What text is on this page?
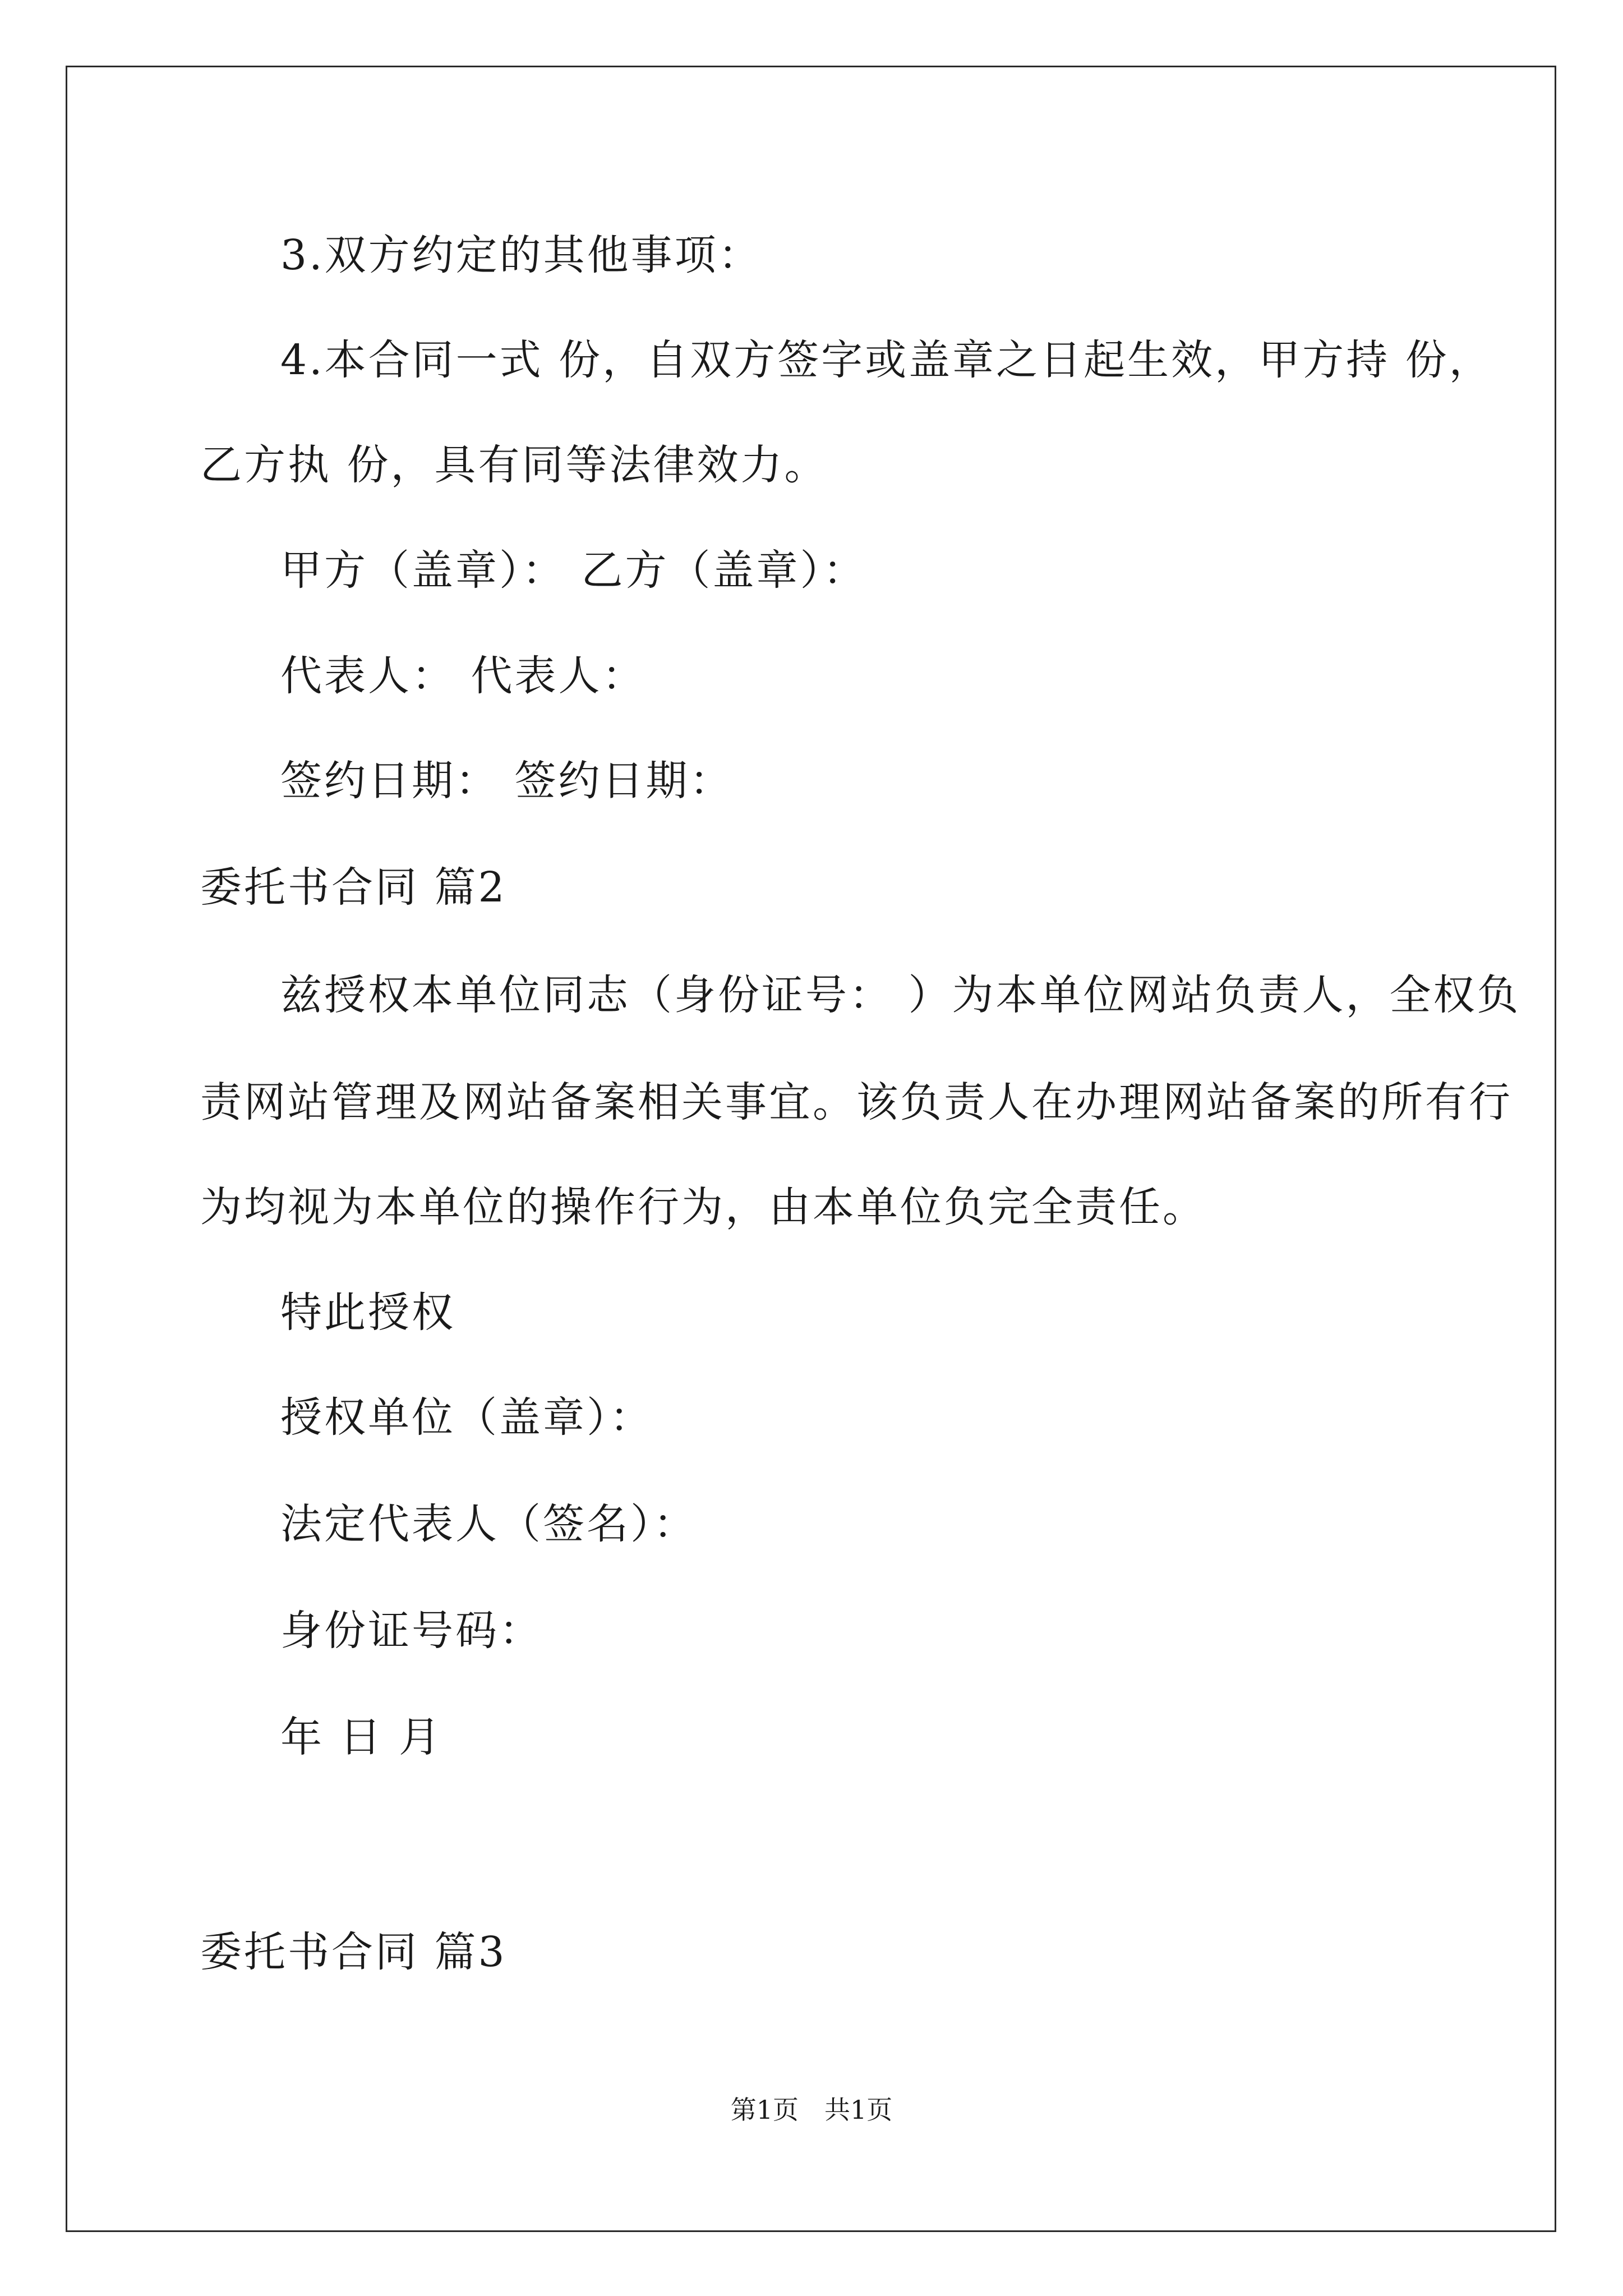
3.双方约定的其他事项：
4.本合同一式 份，自双方签字或盖章之日起生效，甲方持 份，
乙方执 份，具有同等法律效力。
甲方（盖章）： 乙方（盖章）：
代表人： 代表人：
签约日期： 签约日期：
委托书合同 篇2
兹授权本单位同志（身份证号： ）为本单位网站负责人，全权负
责网站管理及网站备案相关事宜。该负责人在办理网站备案的所有行
为均视为本单位的操作行为，由本单位负完全责任。
特此授权
授权单位（盖章）：
法定代表人（签名）：
身份证号码：
年 日 月
委托书合同 篇3
第1页　共1页
